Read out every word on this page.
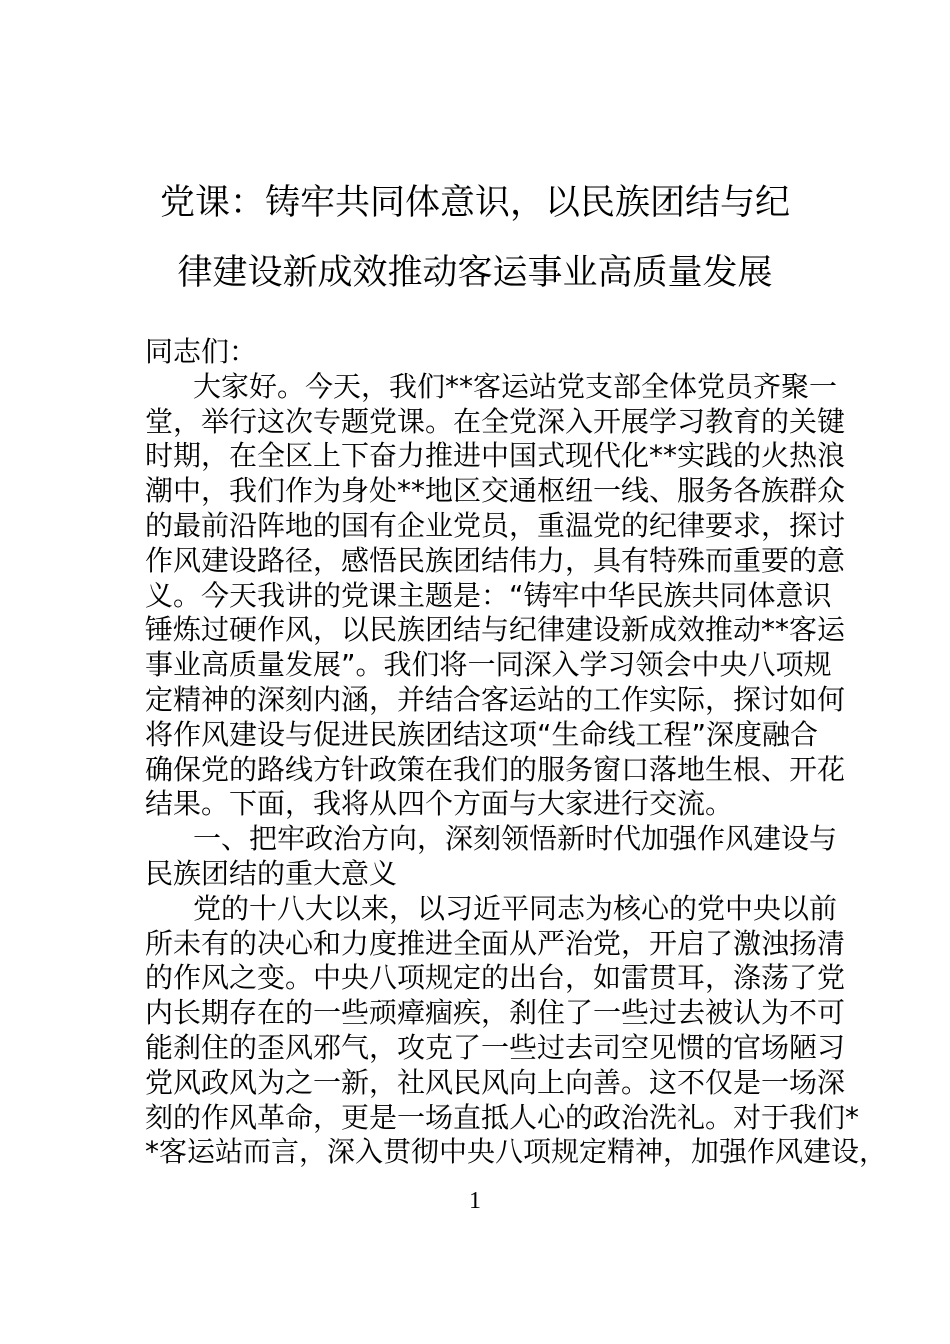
党课：铸牢共同体意识，以民族团结与纪
律建设新成效推动客运事业高质量发展
同志们：
大家好。今天，我们**客运站党支部全体党员齐聚一
堂，举行这次专题党课。在全党深入开展学习教育的关键
时期，在全区上下奋力推进中国式现代化**实践的火热浪
潮中，我们作为身处**地区交通枢纽一线、服务各族群众
的最前沿阵地的国有企业党员，重温党的纪律要求，探讨
作风建设路径，感悟民族团结伟力，具有特殊而重要的意
义。今天我讲的党课主题是：“铸牢中华民族共同体意识
锤炼过硬作风，以民族团结与纪律建设新成效推动**客运
事业高质量发展”。我们将一同深入学习领会中央八项规
定精神的深刻内涵，并结合客运站的工作实际，探讨如何
将作风建设与促进民族团结这项“生命线工程”深度融合
确保党的路线方针政策在我们的服务窗口落地生根、开花
结果。下面，我将从四个方面与大家进行交流。
一、把牢政治方向，深刻领悟新时代加强作风建设与
民族团结的重大意义
党的十八大以来，以习近平同志为核心的党中央以前
所未有的决心和力度推进全面从严治党，开启了激浊扬清
的作风之变。中央八项规定的出台，如雷贯耳，涤荡了党
内长期存在的一些顽瘴痼疾，刹住了一些过去被认为不可
能刹住的歪风邪气，攻克了一些过去司空见惯的官场陋习
党风政风为之一新，社风民风向上向善。这不仅是一场深
刻的作风革命，更是一场直抵人心的政治洗礼。对于我们*
*客运站而言，深入贯彻中央八项规定精神，加强作风建设，
1
